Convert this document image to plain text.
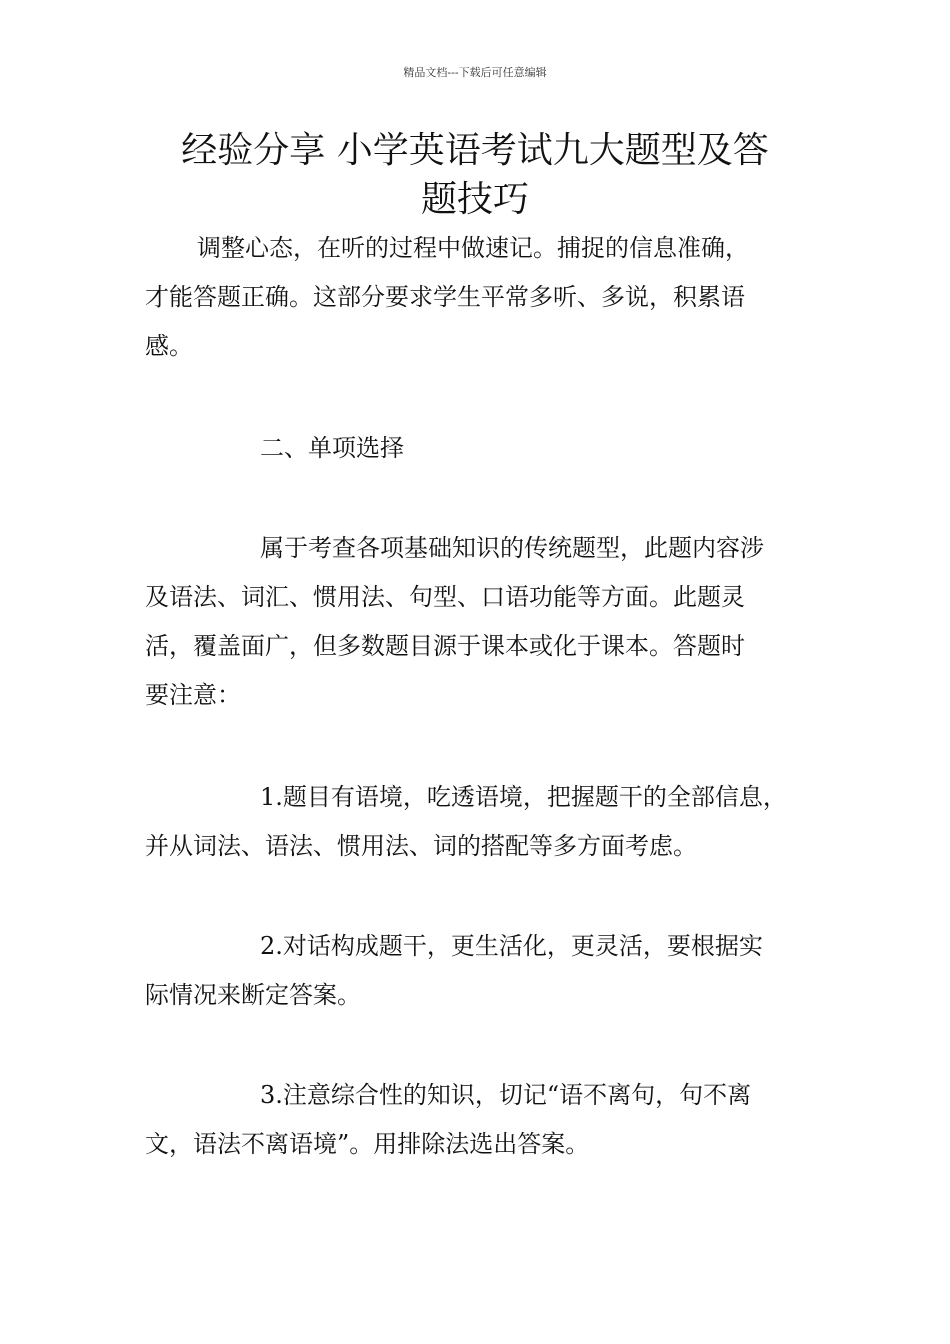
精品文档---下载后可任意编辑
经验分享 小学英语考试九大题型及答
题技巧
调整心态，在听的过程中做速记。捕捉的信息准确，
才能答题正确。这部分要求学生平常多听、多说，积累语
感。
二、单项选择
属于考查各项基础知识的传统题型，此题内容涉
及语法、词汇、惯用法、句型、口语功能等方面。此题灵
活，覆盖面广，但多数题目源于课本或化于课本。答题时
要注意：
1.题目有语境，吃透语境，把握题干的全部信息，
并从词法、语法、惯用法、词的搭配等多方面考虑。
2.对话构成题干，更生活化，更灵活，要根据实
际情况来断定答案。
3.注意综合性的知识，切记“语不离句，句不离
文，语法不离语境”。用排除法选出答案。
